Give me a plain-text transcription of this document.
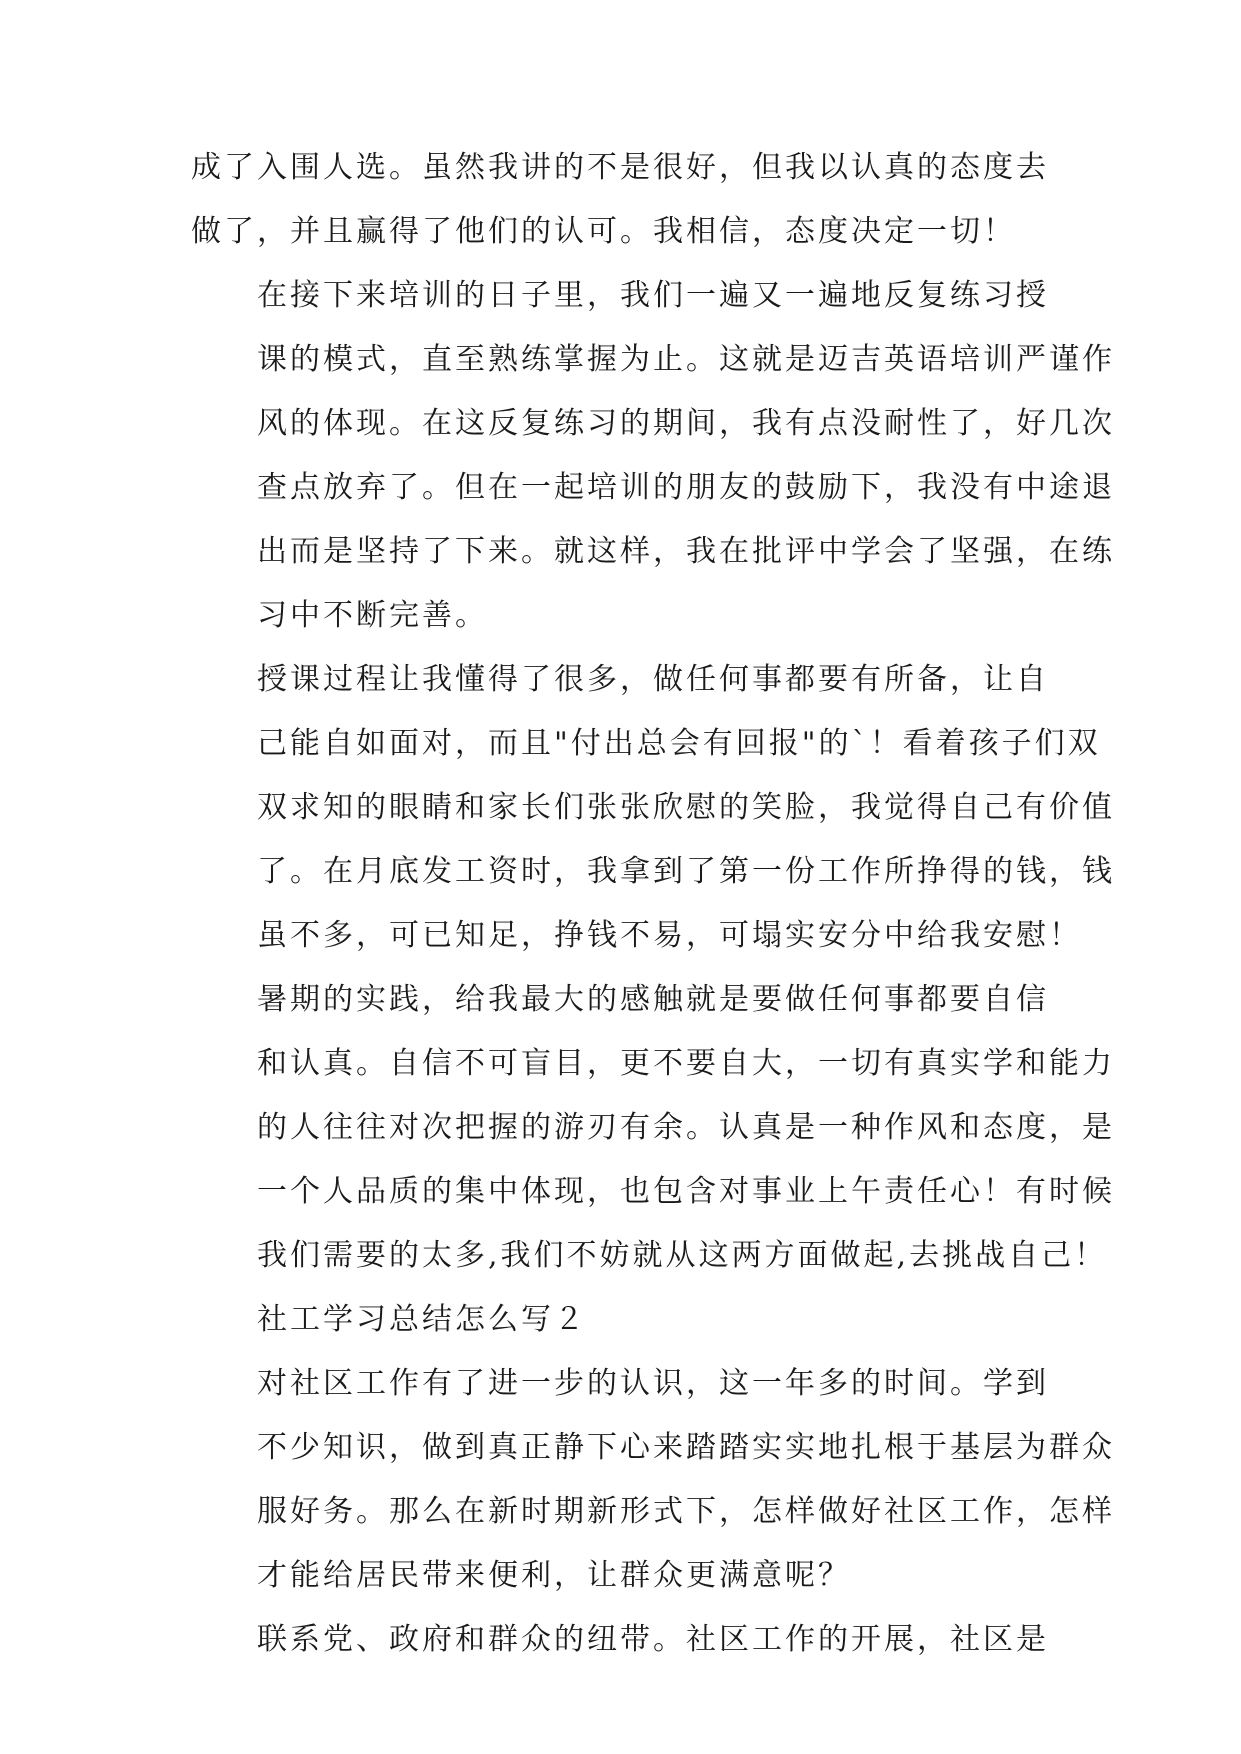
成了入围人选。虽然我讲的不是很好，但我以认真的态度去
做了，并且赢得了他们的认可。我相信，态度决定一切！

在接下来培训的日子里，我们一遍又一遍地反复练习授
课的模式，直至熟练掌握为止。这就是迈吉英语培训严谨作
风的体现。在这反复练习的期间，我有点没耐性了，好几次
查点放弃了。但在一起培训的朋友的鼓励下，我没有中途退
出而是坚持了下来。就这样，我在批评中学会了坚强，在练
习中不断完善。

授课过程让我懂得了很多，做任何事都要有所备，让自
己能自如面对，而且"付出总会有回报"的`！看着孩子们双
双求知的眼睛和家长们张张欣慰的笑脸，我觉得自己有价值
了。在月底发工资时，我拿到了第一份工作所挣得的钱，钱
虽不多，可已知足，挣钱不易，可塌实安分中给我安慰！

暑期的实践，给我最大的感触就是要做任何事都要自信
和认真。自信不可盲目，更不要自大，一切有真实学和能力
的人往往对次把握的游刃有余。认真是一种作风和态度，是
一个人品质的集中体现，也包含对事业上午责任心！有时候
我们需要的太多,我们不妨就从这两方面做起,去挑战自己！

社工学习总结怎么写２

对社区工作有了进一步的认识，这一年多的时间。学到
不少知识，做到真正静下心来踏踏实实地扎根于基层为群众
服好务。那么在新时期新形式下，怎样做好社区工作，怎样
才能给居民带来便利，让群众更满意呢？

联系党、政府和群众的纽带。社区工作的开展，社区是
